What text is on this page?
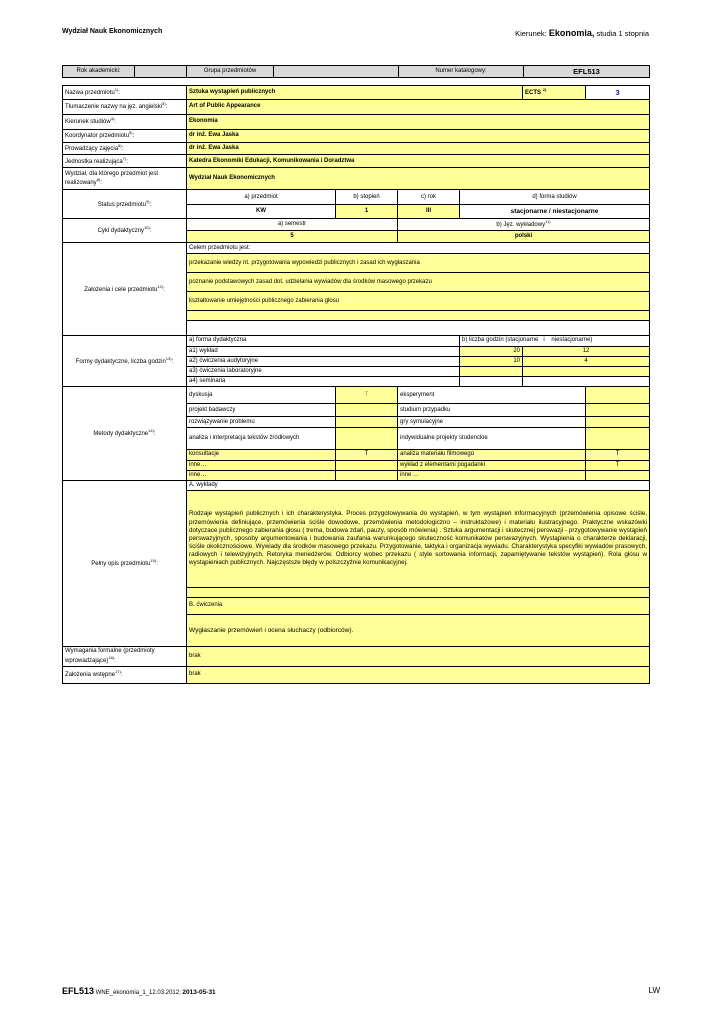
Wydział Nauk Ekonomicznych	Kierunek: Ekonomia, studia 1 stopnia
Rok akademicki:		Grupa przedmiotów		Numer katalogowy:	EFL513
Nazwa przedmiotu$^{1)}$:	Sztuka wystąpień publicznych				ECTS $^{2)}$	3
Tłumaczenie nazwy na jęz. angielski$^{3)}$:	Art of Public Appearance					
Kierunek studiów$^{4)}$:	Ekonomia					
Koordynator przedmiotu$^{5)}$:	dr inż. Ewa Jaska					
Prowadzący zajęcia$^{6)}$:	dr inż. Ewa Jaska					
Jednostka realizująca$^{7)}$:	Katedra Ekonomiki Edukacji, Komunikowania i Doradztwa					
Wydział, dla którego przedmiot jest realizowany$^{8)}$:	Wydział Nauk Ekonomicznych					
Status przedmiotu$^{9)}$:	a) przedmiot	b) stopień	c) rok	d) forma studiów		
	KW	1	III	stacjonarne / niestacjonarne		
Cykl dydaktyczny$^{10)}$:	a) semestr		b) Jęz. wykładowy$^{11)}$
	5		polski			
Założenia i cele przedmiotu$^{12)}$:	Celem przedmiotu jest:					
	przekazanie wiedzy nt. przygotowania wypowiedzi publicznych i zasad ich wygłaszania					
	poznanie podstawowych zasad dot. udzielania wywiadów dla środków masowego przekazu					
	kształtowanie umiejętności publicznego zabierania głosu					

Formy dydaktyczne, liczba godzin$^{13)}$:	a) forma dydaktyczna			b) liczba godzin (stacjonarne i niestacjonarne)		
	a1) wykład			20	12	
	a2) ćwiczenia audytoryjne			10	4	
	a3) ćwiczenia laboratoryjne					
	a4) seminaria					
Metody dydaktyczne$^{14)}$:	dyskusja	T	eksperyment			
	projekt badawczy		studium przypadku			
	rozwiązywanie problemu		gry symulacyjne			
	analiza i interpretacja tekstów źródłowych		indywidualne projekty studenckie			
	konsultacje	T	analiza materiału filmowego			T
	inne…		wykład z elementami pogadanki			T
	inne…		inne …			
Pełny opis przedmiotu$^{15)}$:	A. wykłady					
	Rodzaje wystąpień publicznych i ich charakterystyka. Proces przygotowywania do wystąpień, w tym wystąpień informacyjnych (przemówienia opisowe ściśle, przemówienia definiujące, przemówienia ściśle dowodowe, przemówienia metodologiczno – instruktażowe) i materiału ilustracyjnego. Praktyczne wskazówki dotyczace publicznego zabierania głosu ( trema, budowa zdań, pauzy, sposób mówienia) . Sztuka argumentacji i skutecznej perswazji - przygotowywanie wystąpień perswazyjnych, sposoby argumentowania i budowania zaufania warunkującego skuteczność komunikatów perswazyjnych. Wystąpienia o charakterze deklaracji, ściśle okolicznościowe. Wywiady dla środków masowego przekazu. Przygotowanie, taktyka i organizacja wywiadu. Charakterystyka specyfiki wywiadów prasowych, radiowych i telewizyjnych. Retoryka menedżerów. Odbiorcy wobec przekazu ( style sortowania informacji, zapamiętywanie tekstów wystąpień). Rola głosu w wystąpieniach publicznych. Najczęstsze błędy w polszczyźnie komunikacyjnej.					

	B. ćwiczenia					
	Wygłaszanie przemówień i ocena słuchaczy (odbiorców).					
Wymagania formalne (przedmioty wprowadzające)$^{16)}$:	brak					
Założenia wstępne$^{17)}$:	brak					
EFL513 WNE_ekonomia_1_12.03.2012; 2013-05-31	LW
